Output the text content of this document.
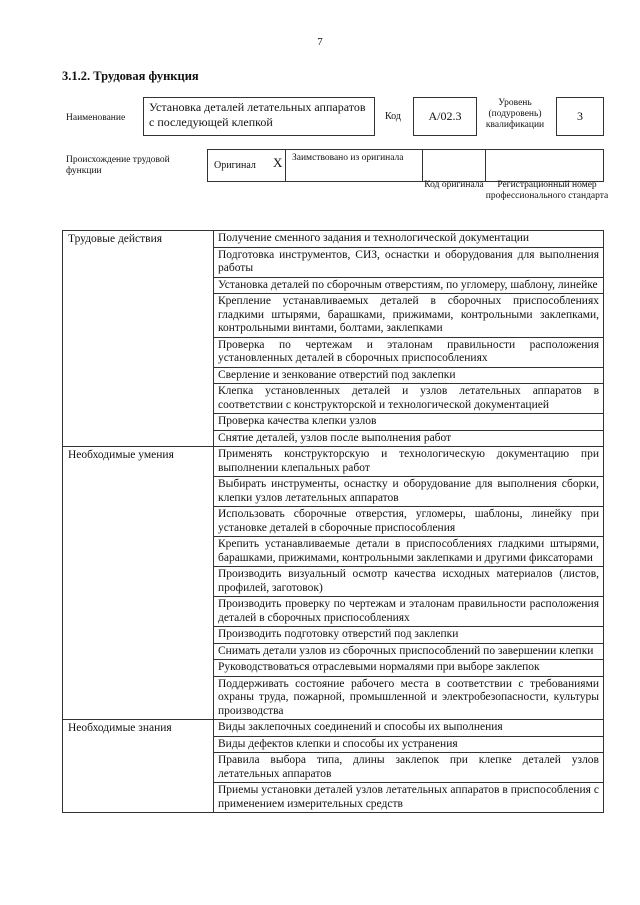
7
3.1.2. Трудовая функция
Наименование
Установка деталей летательных аппаратов с последующей клепкой	Код	А/02.3
Уровень (подуровень) квалификации
3
Происхождение трудовой функции	Оригинал	X	Заимствовано из оригинала
Код оригинала	Регистрационный номер профессионального стандарта
Трудовые действия	Получение сменного задания и технологической документации
	Подготовка инструментов, СИЗ, оснастки и оборудования для выполнения работы
	Установка деталей по сборочным отверстиям, по угломеру, шаблону, линейке
	Крепление устанавливаемых деталей в сборочных приспособлениях гладкими штырями, барашками, прижимами, контрольными заклепками, контрольными винтами, болтами, заклепками
	Проверка по чертежам и эталонам правильности расположения установленных деталей в сборочных приспособлениях
	Сверление и зенкование отверстий под заклепки
	Клепка установленных деталей и узлов летательных аппаратов в соответствии с конструкторской и технологической документацией
	Проверка качества клепки узлов
	Снятие деталей, узлов после выполнения работ
Необходимые умения	Применять конструкторскую и технологическую документацию при выполнении клепальных работ
	Выбирать инструменты, оснастку и оборудование для выполнения сборки, клепки узлов летательных аппаратов
	Использовать сборочные отверстия, угломеры, шаблоны, линейку при установке деталей в сборочные приспособления
	Крепить устанавливаемые детали в приспособлениях гладкими штырями, барашками, прижимами, контрольными заклепками и другими фиксаторами
	Производить визуальный осмотр качества исходных материалов (листов, профилей, заготовок)
	Производить проверку по чертежам и эталонам правильности расположения деталей в сборочных приспособлениях
	Производить подготовку отверстий под заклепки
	Снимать детали узлов из сборочных приспособлений по завершении клепки
	Руководствоваться отраслевыми нормалями при выборе заклепок
	Поддерживать состояние рабочего места в соответствии с требованиями охраны труда, пожарной, промышленной и электробезопасности, культуры производства
Необходимые знания	Виды заклепочных соединений и способы их выполнения
	Виды дефектов клепки и способы их устранения
	Правила выбора типа, длины заклепок при клепке деталей узлов летательных аппаратов
	Приемы установки деталей узлов летательных аппаратов в приспособления с применением измерительных средств
